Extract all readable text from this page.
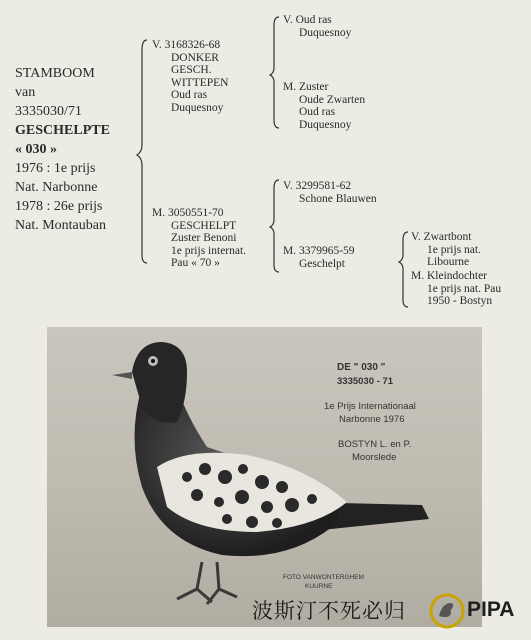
STAMBOOM
van
3335030/71
GESCHELPTE
« 030 »
1976 : 1e prijs
Nat. Narbonne
1978 : 26e prijs
Nat. Montauban
V. 3168326-68
DONKER
GESCH.
WITTEPEN
Oud ras
Duquesnoy
V. Oud ras
Duquesnoy
M. Zuster
Oude Zwarten
Oud ras
Duquesnoy
M. 3050551-70
GESCHELPT
Zuster Benoni
1e prijs internat.
Pau « 70 »
V. 3299581-62
Schone Blauwen
M. 3379965-59
Geschelpt
V. Zwartbont
1e prijs nat.
Libourne
M. Kleindochter
1e prijs nat. Pau
1950 - Bostyn
DE " 030 "
3335030 - 71
1e Prijs Internationaal
Narbonne 1976
BOSTYN L. en P.
Moorslede
FOTO VANWONTERGHEM
KUURNE
波斯汀不死必归	PIPA
